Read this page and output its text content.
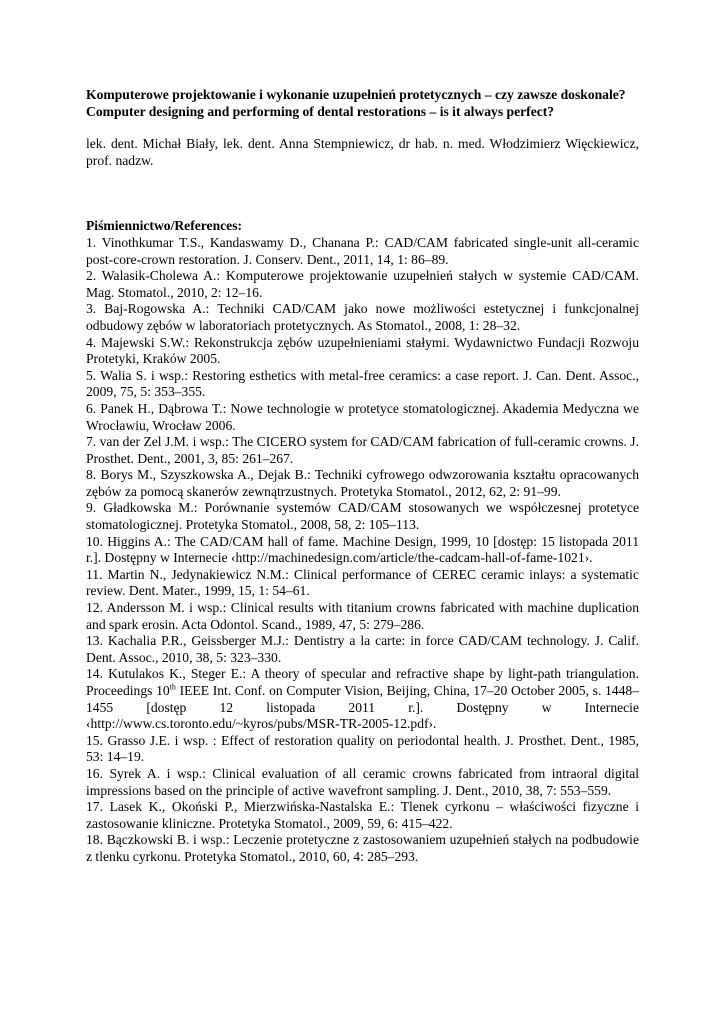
Komputerowe projektowanie i wykonanie uzupełnień protetycznych – czy zawsze doskonale?

Computer designing and performing of dental restorations – is it always perfect?

lek. dent. Michał Biały, lek. dent. Anna Stempniewicz, dr hab. n. med. Włodzimierz Więckiewicz, prof. nadzw.

Piśmiennictwo/References:

1. Vinothkumar T.S., Kandaswamy D., Chanana P.: CAD/CAM fabricated single-unit all-ceramic post-core-crown restoration. J. Conserv. Dent., 2011, 14, 1: 86–89.

2. Walasik-Cholewa A.: Komputerowe projektowanie uzupełnień stałych w systemie CAD/CAM. Mag. Stomatol., 2010, 2: 12–16.

3. Baj-Rogowska A.: Techniki CAD/CAM jako nowe możliwości estetycznej i funkcjonalnej odbudowy zębów w laboratoriach protetycznych. As Stomatol., 2008, 1: 28–32.

4. Majewski S.W.: Rekonstrukcja zębów uzupełnieniami stałymi. Wydawnictwo Fundacji Rozwoju Protetyki, Kraków 2005.

5. Walia S. i wsp.: Restoring esthetics with metal-free ceramics: a case report. J. Can. Dent. Assoc., 2009, 75, 5: 353–355.

6. Panek H., Dąbrowa T.: Nowe technologie w protetyce stomatologicznej. Akademia Medyczna we Wrocławiu, Wrocław 2006.

7. van der Zel J.M. i wsp.: The CICERO system for CAD/CAM fabrication of full-ceramic crowns. J. Prosthet. Dent., 2001, 3, 85: 261–267.

8. Borys M., Szyszkowska A., Dejak B.: Techniki cyfrowego odwzorowania kształtu opracowanych zębów za pomocą skanerów zewnątrzustnych. Protetyka Stomatol., 2012, 62, 2: 91–99.

9. Gładkowska M.: Porównanie systemów CAD/CAM stosowanych we współczesnej protetyce stomatologicznej. Protetyka Stomatol., 2008, 58, 2: 105–113.

10. Higgins A.: The CAD/CAM hall of fame. Machine Design, 1999, 10 [dostęp: 15 listopada 2011 r.]. Dostępny w Internecie ‹http://machinedesign.com/article/the-cadcam-hall-of-fame-1021›.

11. Martin N., Jedynakiewicz N.M.: Clinical performance of CEREC ceramic inlays: a systematic review. Dent. Mater., 1999, 15, 1: 54–61.

12. Andersson M. i wsp.: Clinical results with titanium crowns fabricated with machine duplication and spark erosin. Acta Odontol. Scand., 1989, 47, 5: 279–286.

13. Kachalia P.R., Geissberger M.J.: Dentistry a la carte: in force CAD/CAM technology. J. Calif. Dent. Assoc., 2010, 38, 5: 323–330.

14. Kutulakos K., Steger E.: A theory of specular and refractive shape by light-path triangulation. Proceedings 10th IEEE Int. Conf. on Computer Vision, Beijing, China, 17–20 October 2005, s. 1448–1455 [dostęp 12 listopada 2011 r.]. Dostępny w Internecie ‹http://www.cs.toronto.edu/~kyros/pubs/MSR-TR-2005-12.pdf›.

15. Grasso J.E. i wsp. : Effect of restoration quality on periodontal health. J. Prosthet. Dent., 1985, 53: 14–19.

16. Syrek A. i wsp.: Clinical evaluation of all ceramic crowns fabricated from intraoral digital impressions based on the principle of active wavefront sampling. J. Dent., 2010, 38, 7: 553–559.

17. Lasek K., Okoński P., Mierzwińska-Nastalska E.: Tlenek cyrkonu – właściwości fizyczne i zastosowanie kliniczne. Protetyka Stomatol., 2009, 59, 6: 415–422.

18. Bączkowski B. i wsp.: Leczenie protetyczne z zastosowaniem uzupełnień stałych na podbudowie z tlenku cyrkonu. Protetyka Stomatol., 2010, 60, 4: 285–293.
